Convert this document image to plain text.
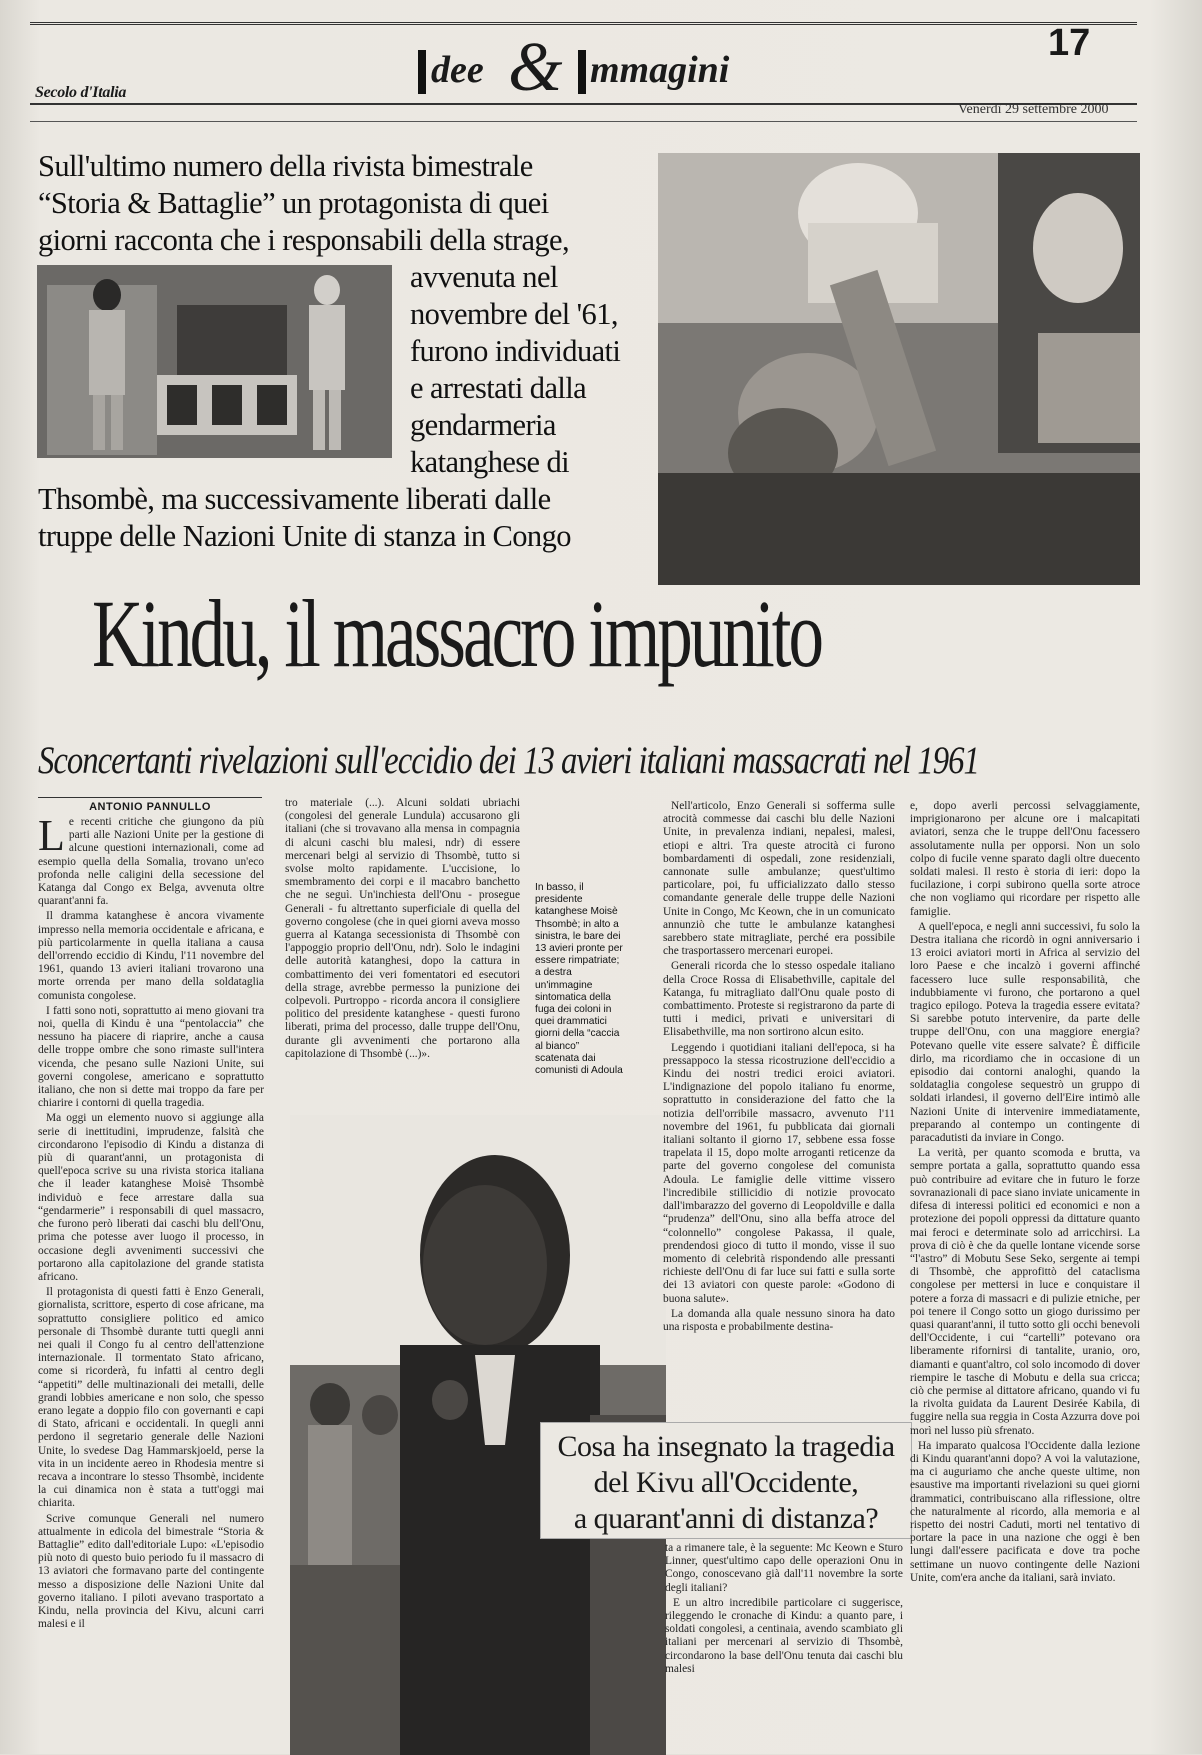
Secolo d'Italia
dee & mmagini
17
Venerdì 29 settembre 2000
Sull'ultimo numero della rivista bimestrale
“Storia & Battaglie” un protagonista di quei
giorni racconta che i responsabili della strage,
avvenuta nel
novembre del '61,
furono individuati
e arrestati dalla
gendarmeria
katanghese di
Thsombè, ma successivamente liberati dalle
truppe delle Nazioni Unite di stanza in Congo
Kindu, il massacro impunito
Sconcertanti rivelazioni sull'eccidio dei 13 avieri italiani massacrati nel 1961
ANTONIO PANNULLO

Le recenti critiche che giungono da più parti alle Nazioni Unite per la gestione di alcune questioni internazionali, come ad esempio quella della Somalia, trovano un'eco profonda nelle caligini della secessione del Katanga dal Congo ex Belga, avvenuta oltre quarant'anni fa.

Il dramma katanghese è ancora vivamente impresso nella memoria occidentale e africana, e più particolarmente in quella italiana a causa dell'orrendo eccidio di Kindu, l'11 novembre del 1961, quando 13 avieri italiani trovarono una morte orrenda per mano della soldataglia comunista congolese.

I fatti sono noti, soprattutto ai meno giovani tra noi, quella di Kindu è una “pentolaccia” che nessuno ha piacere di riaprire, anche a causa delle troppe ombre che sono rimaste sull'intera vicenda, che pesano sulle Nazioni Unite, sui governi congolese, americano e soprattutto italiano, che non si dette mai troppo da fare per chiarire i contorni di quella tragedia.

Ma oggi un elemento nuovo si aggiunge alla serie di inettitudini, imprudenze, falsità che circondarono l'episodio di Kindu a distanza di più di quarant'anni, un protagonista di quell'epoca scrive su una rivista storica italiana che il leader katanghese Moisè Thsombè individuò e fece arrestare dalla sua “gendarmerie” i responsabili di quel massacro, che furono però liberati dai caschi blu dell'Onu, prima che potesse aver luogo il processo, in occasione degli avvenimenti successivi che portarono alla capitolazione del grande statista africano.

Il protagonista di questi fatti è Enzo Generali, giornalista, scrittore, esperto di cose africane, ma soprattutto consigliere politico ed amico personale di Thsombè durante tutti quegli anni nei quali il Congo fu al centro dell'attenzione internazionale. Il tormentato Stato africano, come si ricorderà, fu infatti al centro degli “appetiti” delle multinazionali dei metalli, delle grandi lobbies americane e non solo, che spesso erano legate a doppio filo con governanti e capi di Stato, africani e occidentali. In quegli anni perdono il segretario generale delle Nazioni Unite, lo svedese Dag Hammarskjoeld, perse la vita in un incidente aereo in Rhodesia mentre si recava a incontrare lo stesso Thsombè, incidente la cui dinamica non è stata a tutt'oggi mai chiarita.

Scrive comunque Generali nel numero attualmente in edicola del bimestrale “Storia & Battaglie” edito dall'editoriale Lupo: «L'episodio più noto di questo buio periodo fu il massacro di 13 aviatori che formavano parte del contingente messo a disposizione delle Nazioni Unite dal governo italiano. I piloti avevano trasportato a Kindu, nella provincia del Kivu, alcuni carri malesi e il

tro materiale (...). Alcuni soldati ubriachi (congolesi del generale Lundula) accusarono gli italiani (che si trovavano alla mensa in compagnia di alcuni caschi blu malesi, ndr) di essere mercenari belgi al servizio di Thsombè, tutto si svolse molto rapidamente. L'uccisione, lo smembramento dei corpi e il macabro banchetto che ne seguì. Un'inchiesta dell'Onu - prosegue Generali - fu altrettanto superficiale di quella del governo congolese (che in quei giorni aveva mosso guerra al Katanga secessionista di Thsombè con l'appoggio proprio dell'Onu, ndr). Solo le indagini delle autorità katanghesi, dopo la cattura in combattimento dei veri fomentatori ed esecutori della strage, avrebbe permesso la punizione dei colpevoli. Purtroppo - ricorda ancora il consigliere politico del presidente katanghese - questi furono liberati, prima del processo, dalle truppe dell'Onu, durante gli avvenimenti che portarono alla capitolazione di Thsombè (...)».

In basso, il
presidente
katanghese Moisè
Thsombè; in alto a
sinistra, le bare dei
13 avieri pronte per
essere rimpatriate;
a destra
un'immagine
sintomatica della
fuga dei coloni in
quei drammatici
giorni della “caccia
al bianco”
scatenata dai
comunisti di Adoula

Nell'articolo, Enzo Generali si sofferma sulle atrocità commesse dai caschi blu delle Nazioni Unite, in prevalenza indiani, nepalesi, malesi, etiopi e altri. Tra queste atrocità ci furono bombardamenti di ospedali, zone residenziali, cannonate sulle ambulanze; quest'ultimo particolare, poi, fu ufficializzato dallo stesso comandante generale delle truppe delle Nazioni Unite in Congo, Mc Keown, che in un comunicato annunziò che tutte le ambulanze katanghesi sarebbero state mitragliate, perché era possibile che trasportassero mercenari europei.

Generali ricorda che lo stesso ospedale italiano della Croce Rossa di Elisabethville, capitale del Katanga, fu mitragliato dall'Onu quale posto di combattimento. Proteste si registrarono da parte di tutti i medici, privati e universitari di Elisabethville, ma non sortirono alcun esito.

Leggendo i quotidiani italiani dell'epoca, si ha pressappoco la stessa ricostruzione dell'eccidio a Kindu dei nostri tredici eroici aviatori. L'indignazione del popolo italiano fu enorme, soprattutto in considerazione del fatto che la notizia dell'orribile massacro, avvenuto l'11 novembre del 1961, fu pubblicata dai giornali italiani soltanto il giorno 17, sebbene essa fosse trapelata il 15, dopo molte arroganti reticenze da parte del governo congolese del comunista Adoula. Le famiglie delle vittime vissero l'incredibile stillicidio di notizie provocato dall'imbarazzo del governo di Leopoldville e dalla “prudenza” dell'Onu, sino alla beffa atroce del “colonnello” congolese Pakassa, il quale, prendendosi gioco di tutto il mondo, visse il suo momento di celebrità rispondendo alle pressanti richieste dell'Onu di far luce sui fatti e sulla sorte dei 13 aviatori con queste parole: «Godono di buona salute».

La domanda alla quale nessuno sinora ha dato una risposta e probabilmente destina-

Cosa ha insegnato la tragedia
del Kivu all'Occidente,
a quarant'anni di distanza?

ta a rimanere tale, è la seguente: Mc Keown e Sturo Linner, quest'ultimo capo delle operazioni Onu in Congo, conoscevano già dall'11 novembre la sorte degli italiani?

E un altro incredibile particolare ci suggerisce, rileggendo le cronache di Kindu: a quanto pare, i soldati congolesi, a centinaia, avendo scambiato gli italiani per mercenari al servizio di Thsombè, circondarono la base dell'Onu tenuta dai caschi blu malesi

e, dopo averli percossi selvaggiamente, imprigionarono per alcune ore i malcapitati aviatori, senza che le truppe dell'Onu facessero assolutamente nulla per opporsi. Non un solo colpo di fucile venne sparato dagli oltre duecento soldati malesi. Il resto è storia di ieri: dopo la fucilazione, i corpi subirono quella sorte atroce che non vogliamo qui ricordare per rispetto alle famiglie.

A quell'epoca, e negli anni successivi, fu solo la Destra italiana che ricordò in ogni anniversario i 13 eroici aviatori morti in Africa al servizio del loro Paese e che incalzò i governi affinché facessero luce sulle responsabilità, che indubbiamente vi furono, che portarono a quel tragico epilogo. Poteva la tragedia essere evitata? Si sarebbe potuto intervenire, da parte delle truppe dell'Onu, con una maggiore energia? Potevano quelle vite essere salvate? È difficile dirlo, ma ricordiamo che in occasione di un episodio dai contorni analoghi, quando la soldataglia congolese sequestrò un gruppo di soldati irlandesi, il governo dell'Eire intimò alle Nazioni Unite di intervenire immediatamente, preparando al contempo un contingente di paracadutisti da inviare in Congo.

La verità, per quanto scomoda e brutta, va sempre portata a galla, soprattutto quando essa può contribuire ad evitare che in futuro le forze sovranazionali di pace siano inviate unicamente in difesa di interessi politici ed economici e non a protezione dei popoli oppressi da dittature quanto mai feroci e determinate solo ad arricchirsi. La prova di ciò è che da quelle lontane vicende sorse “l'astro” di Mobutu Sese Seko, sergente ai tempi di Thsombè, che approfittò del cataclisma congolese per mettersi in luce e conquistare il potere a forza di massacri e di pulizie etniche, per poi tenere il Congo sotto un giogo durissimo per quasi quarant'anni, il tutto sotto gli occhi benevoli dell'Occidente, i cui “cartelli” potevano ora liberamente rifornirsi di tantalite, uranio, oro, diamanti e quant'altro, col solo incomodo di dover riempire le tasche di Mobutu e della sua cricca; ciò che permise al dittatore africano, quando vi fu la rivolta guidata da Laurent Desirée Kabila, di fuggire nella sua reggia in Costa Azzurra dove poi morì nel lusso più sfrenato.

Ha imparato qualcosa l'Occidente dalla lezione di Kindu quarant'anni dopo? A voi la valutazione, ma ci auguriamo che anche queste ultime, non esaustive ma importanti rivelazioni su quei giorni drammatici, contribuiscano alla riflessione, oltre che naturalmente al ricordo, alla memoria e al rispetto dei nostri Caduti, morti nel tentativo di portare la pace in una nazione che oggi è ben lungi dall'essere pacificata e dove tra poche settimane un nuovo contingente delle Nazioni Unite, com'era anche da italiani, sarà inviato.
